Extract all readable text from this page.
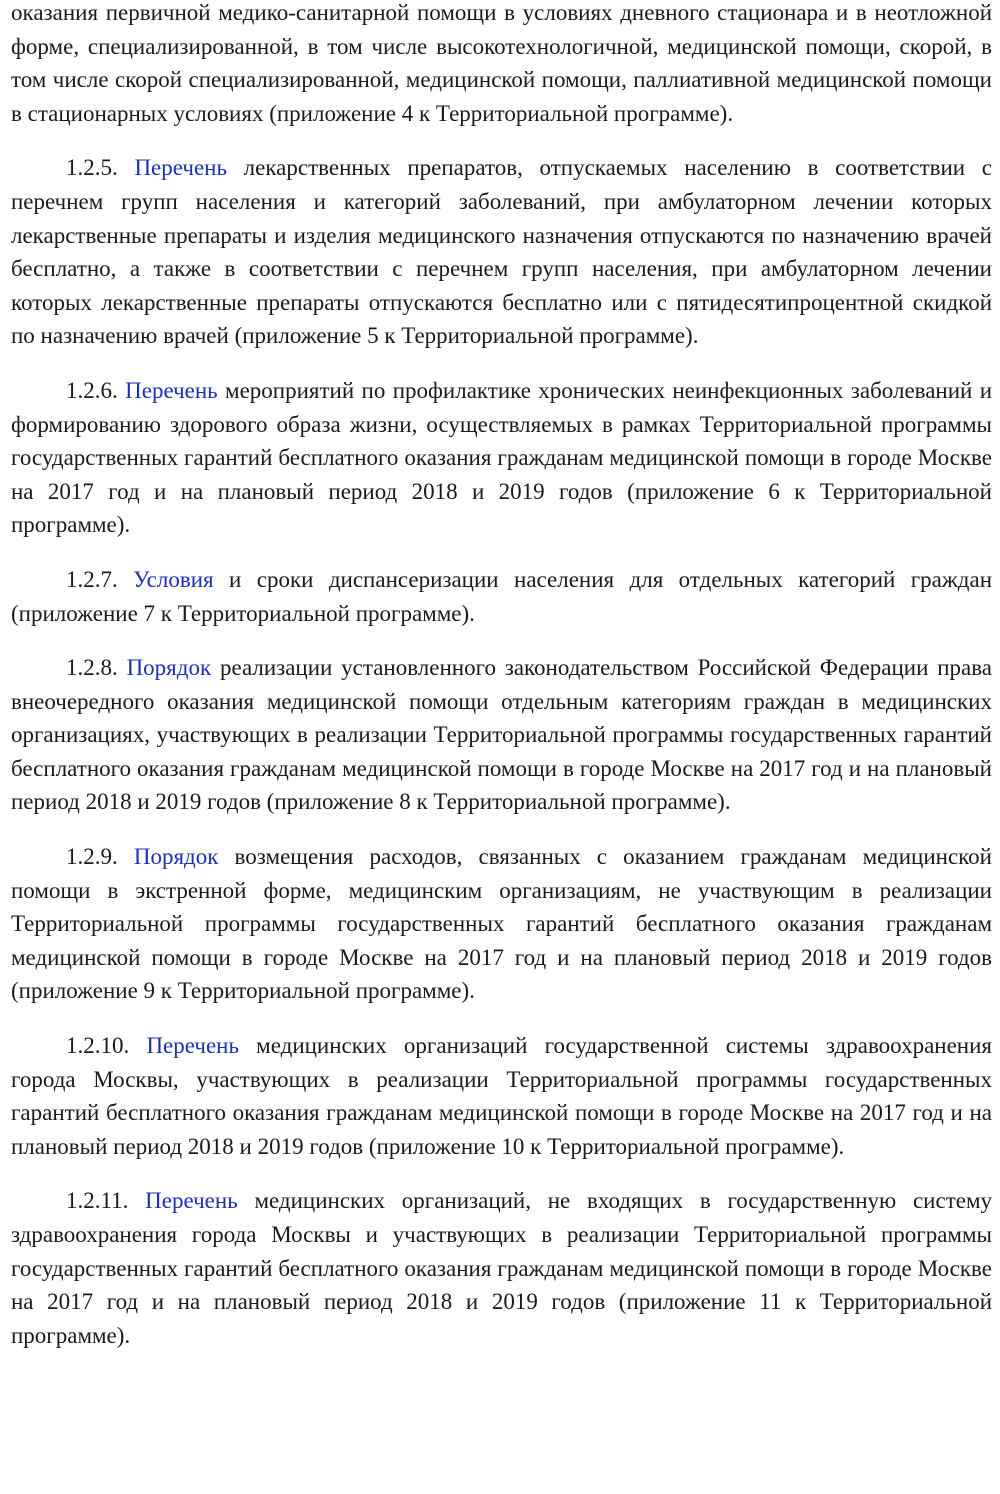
оказания первичной медико-санитарной помощи в условиях дневного стационара и в неотложной форме, специализированной, в том числе высокотехнологичной, медицинской помощи, скорой, в том числе скорой специализированной, медицинской помощи, паллиативной медицинской помощи в стационарных условиях (приложение 4 к Территориальной программе).

1.2.5. Перечень лекарственных препаратов, отпускаемых населению в соответствии с перечнем групп населения и категорий заболеваний, при амбулаторном лечении которых лекарственные препараты и изделия медицинского назначения отпускаются по назначению врачей бесплатно, а также в соответствии с перечнем групп населения, при амбулаторном лечении которых лекарственные препараты отпускаются бесплатно или с пятидесятипроцентной скидкой по назначению врачей (приложение 5 к Территориальной программе).

1.2.6. Перечень мероприятий по профилактике хронических неинфекционных заболеваний и формированию здорового образа жизни, осуществляемых в рамках Территориальной программы государственных гарантий бесплатного оказания гражданам медицинской помощи в городе Москве на 2017 год и на плановый период 2018 и 2019 годов (приложение 6 к Территориальной программе).

1.2.7. Условия и сроки диспансеризации населения для отдельных категорий граждан (приложение 7 к Территориальной программе).

1.2.8. Порядок реализации установленного законодательством Российской Федерации права внеочередного оказания медицинской помощи отдельным категориям граждан в медицинских организациях, участвующих в реализации Территориальной программы государственных гарантий бесплатного оказания гражданам медицинской помощи в городе Москве на 2017 год и на плановый период 2018 и 2019 годов (приложение 8 к Территориальной программе).

1.2.9. Порядок возмещения расходов, связанных с оказанием гражданам медицинской помощи в экстренной форме, медицинским организациям, не участвующим в реализации Территориальной программы государственных гарантий бесплатного оказания гражданам медицинской помощи в городе Москве на 2017 год и на плановый период 2018 и 2019 годов (приложение 9 к Территориальной программе).

1.2.10. Перечень медицинских организаций государственной системы здравоохранения города Москвы, участвующих в реализации Территориальной программы государственных гарантий бесплатного оказания гражданам медицинской помощи в городе Москве на 2017 год и на плановый период 2018 и 2019 годов (приложение 10 к Территориальной программе).

1.2.11. Перечень медицинских организаций, не входящих в государственную систему здравоохранения города Москвы и участвующих в реализации Территориальной программы государственных гарантий бесплатного оказания гражданам медицинской помощи в городе Москве на 2017 год и на плановый период 2018 и 2019 годов (приложение 11 к Территориальной программе).
